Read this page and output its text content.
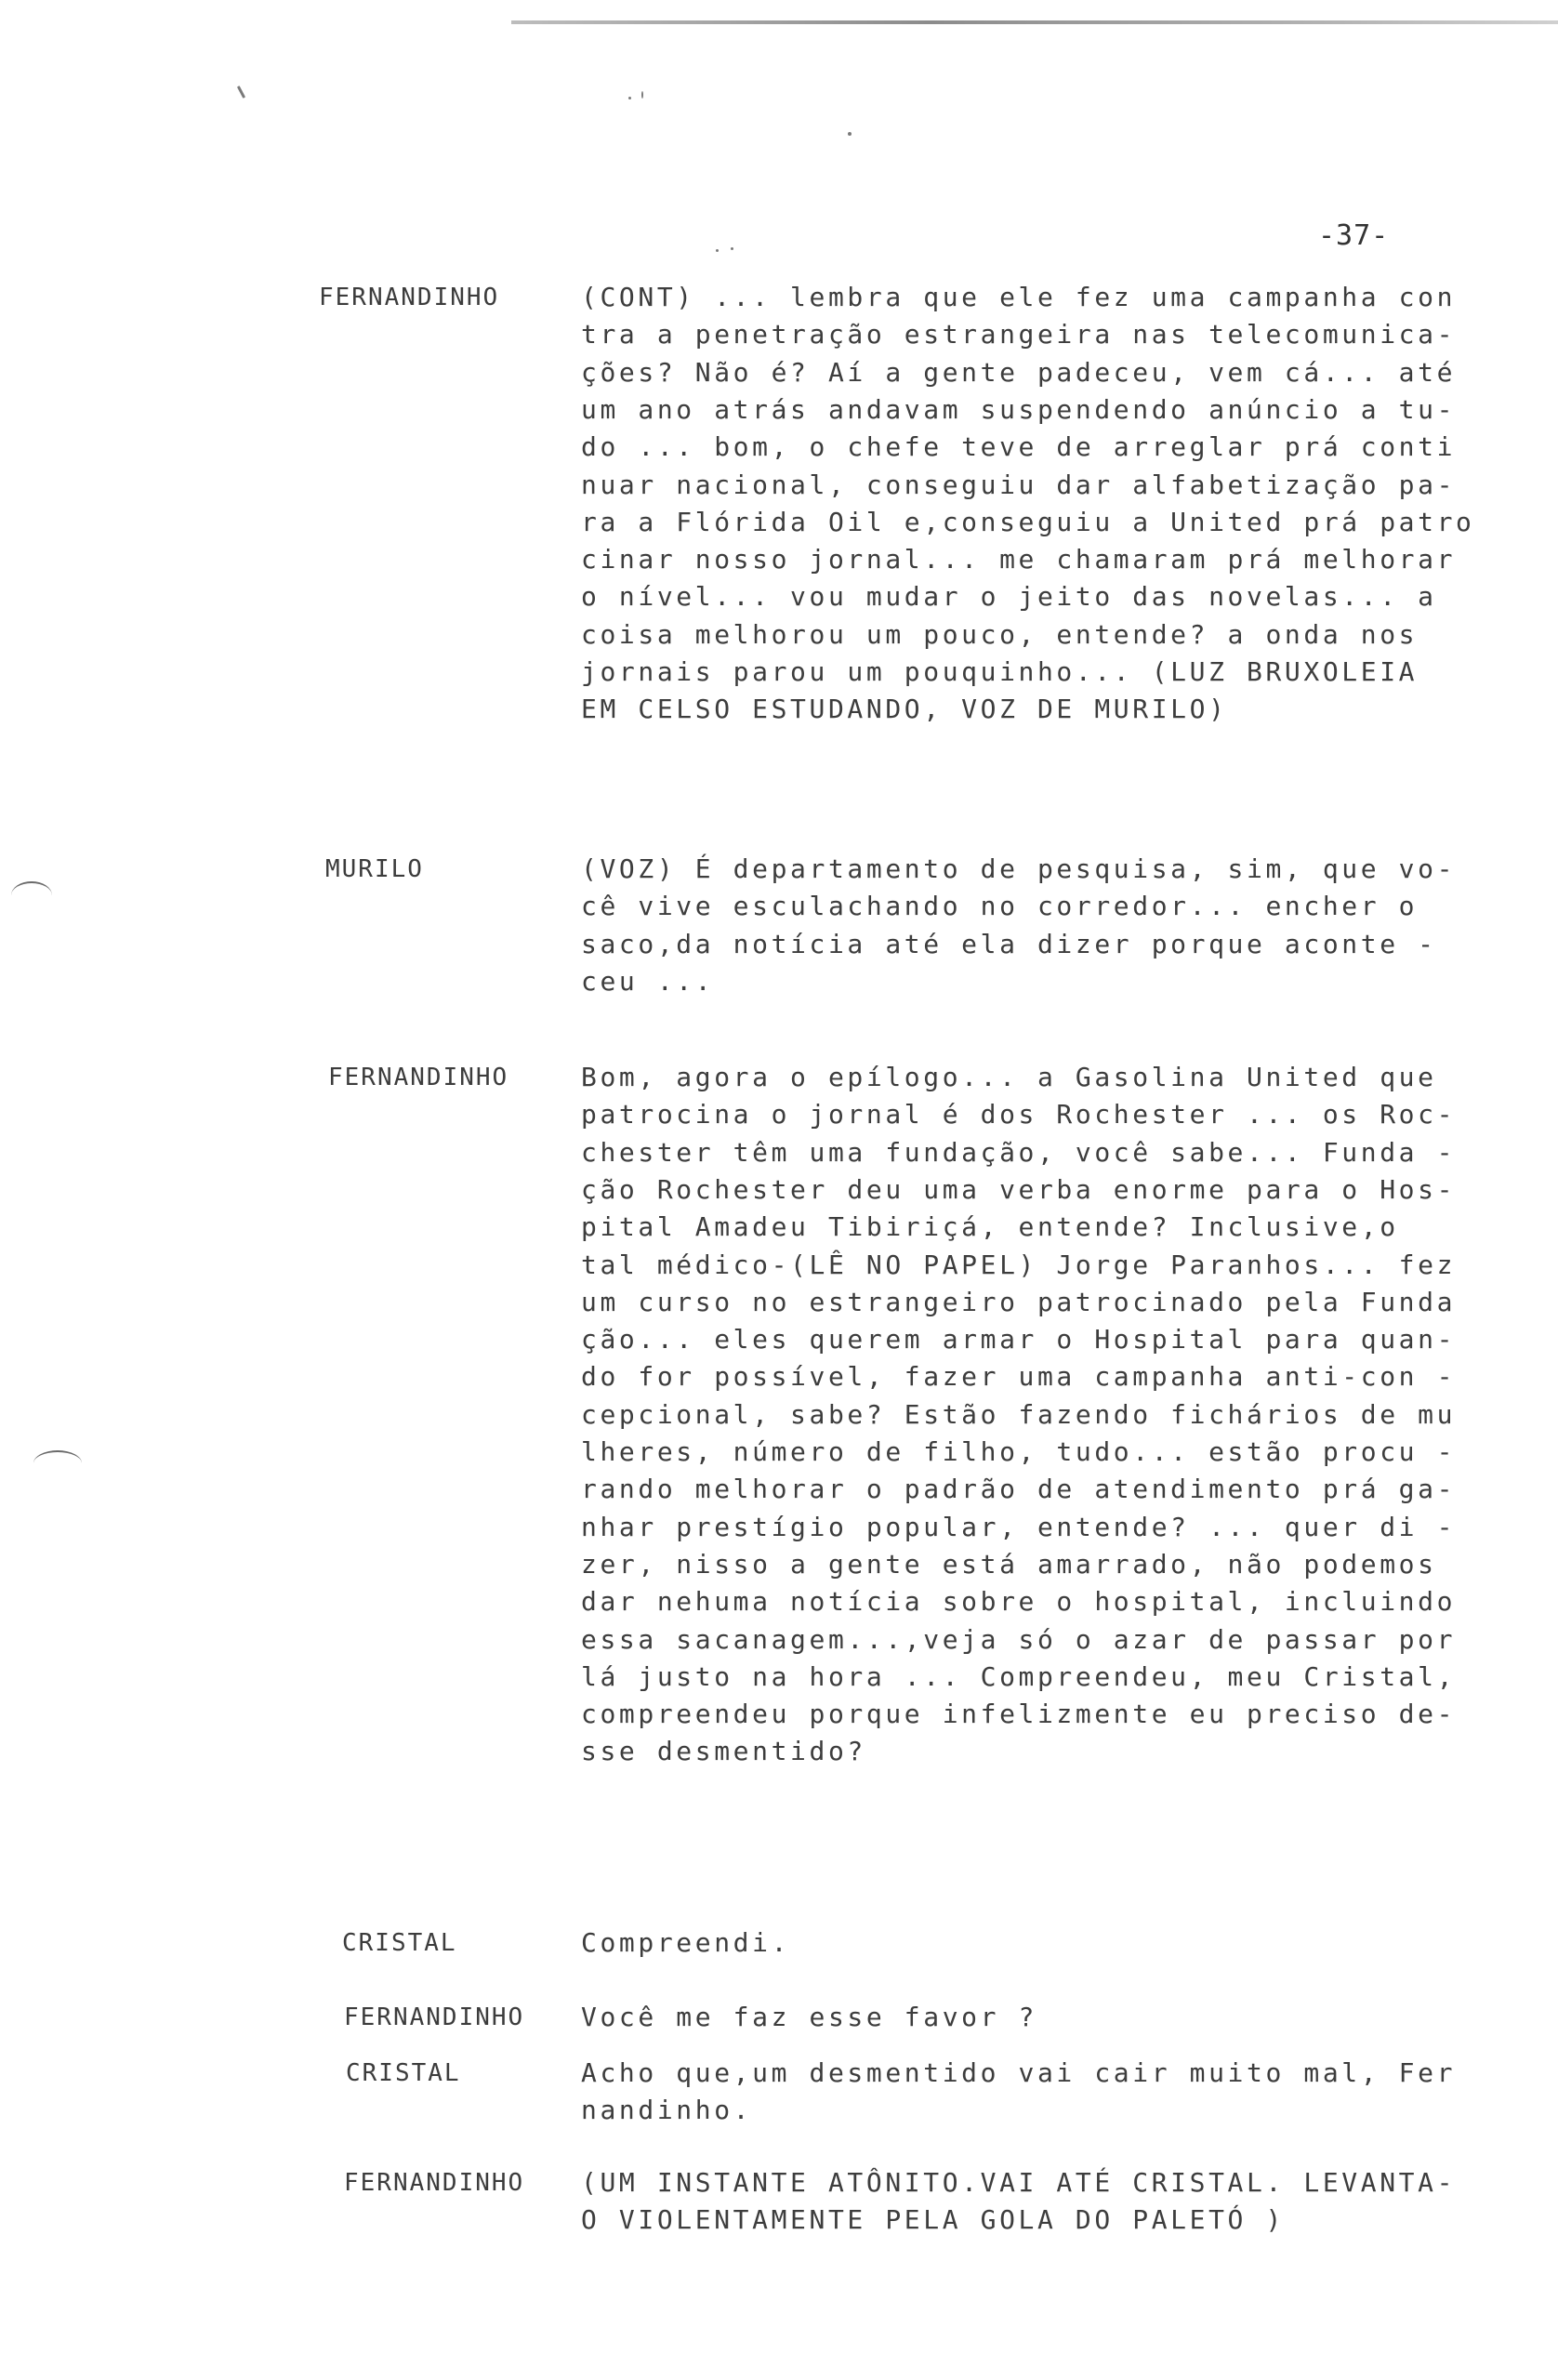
-37-
FERNANDINHO	(CONT) ... lembra que ele fez uma campanha con
tra a penetração estrangeira nas telecomunica-
ções? Não é? Aí a gente padeceu, vem cá... até
um ano atrás andavam suspendendo anúncio a tu-
do ... bom, o chefe teve de arreglar prá conti
nuar nacional, conseguiu dar alfabetização pa-
ra a Flórida Oil e,conseguiu a United prá patro
cinar nosso jornal... me chamaram prá melhorar
o nível... vou mudar o jeito das novelas... a
coisa melhorou um pouco, entende? a onda nos
jornais parou um pouquinho... (LUZ BRUXOLEIA
EM CELSO ESTUDANDO, VOZ DE MURILO)
MURILO	(VOZ) É departamento de pesquisa, sim, que vo-
cê vive esculachando no corredor... encher o
saco,da notícia até ela dizer porque aconte -
ceu ...
FERNANDINHO	Bom, agora o epílogo... a Gasolina United que
patrocina o jornal é dos Rochester ... os Roc-
chester têm uma fundação, você sabe... Funda -
ção Rochester deu uma verba enorme para o Hos-
pital Amadeu Tibiriçá, entende? Inclusive,o
tal médico-(LÊ NO PAPEL) Jorge Paranhos... fez
um curso no estrangeiro patrocinado pela Funda
ção... eles querem armar o Hospital para quan-
do for possível, fazer uma campanha anti-con -
cepcional, sabe? Estão fazendo fichários de mu
lheres, número de filho, tudo... estão procu -
rando melhorar o padrão de atendimento prá ga-
nhar prestígio popular, entende? ... quer di -
zer, nisso a gente está amarrado, não podemos
dar nehuma notícia sobre o hospital, incluindo
essa sacanagem...,veja só o azar de passar por
lá justo na hora ... Compreendeu, meu Cristal,
compreendeu porque infelizmente eu preciso de-
sse desmentido?
CRISTAL	Compreendi.
FERNANDINHO Você me faz esse favor ?
CRISTAL	Acho que,um desmentido vai cair muito mal, Fer
nandinho.
FERNANDINHO (UM INSTANTE ATÔNITO.VAI ATÉ CRISTAL. LEVANTA-
O VIOLENTAMENTE PELA GOLA DO PALETÓ )
